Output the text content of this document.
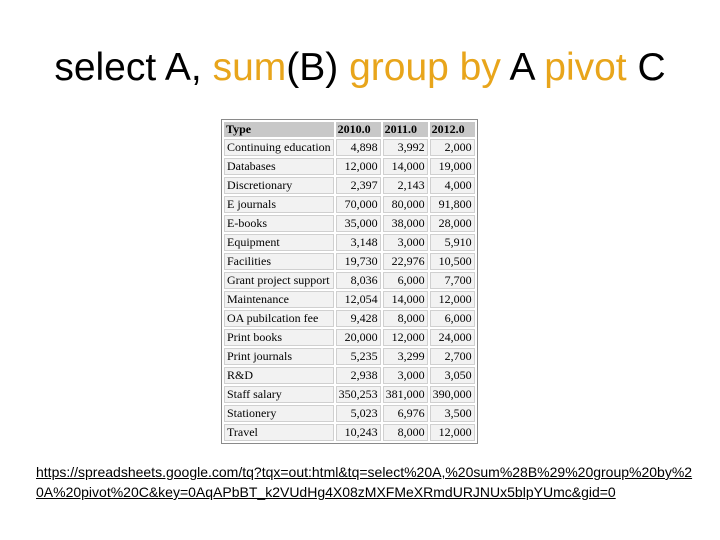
select A, sum(B) group by A pivot C
Type	2010.0	2011.0	2012.0
Continuing education	4,898	3,992	2,000
Databases	12,000	14,000	19,000
Discretionary	2,397	2,143	4,000
E journals	70,000	80,000	91,800
E-books	35,000	38,000	28,000
Equipment	3,148	3,000	5,910
Facilities	19,730	22,976	10,500
Grant project support	8,036	6,000	7,700
Maintenance	12,054	14,000	12,000
OA pubilcation fee	9,428	8,000	6,000
Print books	20,000	12,000	24,000
Print journals	5,235	3,299	2,700
R&D	2,938	3,000	3,050
Staff salary	350,253	381,000	390,000
Stationery	5,023	6,976	3,500
Travel	10,243	8,000	12,000
https://spreadsheets.google.com/tq?tqx=out:html&tq=select%20A,%20sum%28B%29%20group%20by%20A%20pivot%20C&key=0AqAPbBT_k2VUdHg4X08zMXFMeXRmdURJNUx5blpYUmc&gid=0
